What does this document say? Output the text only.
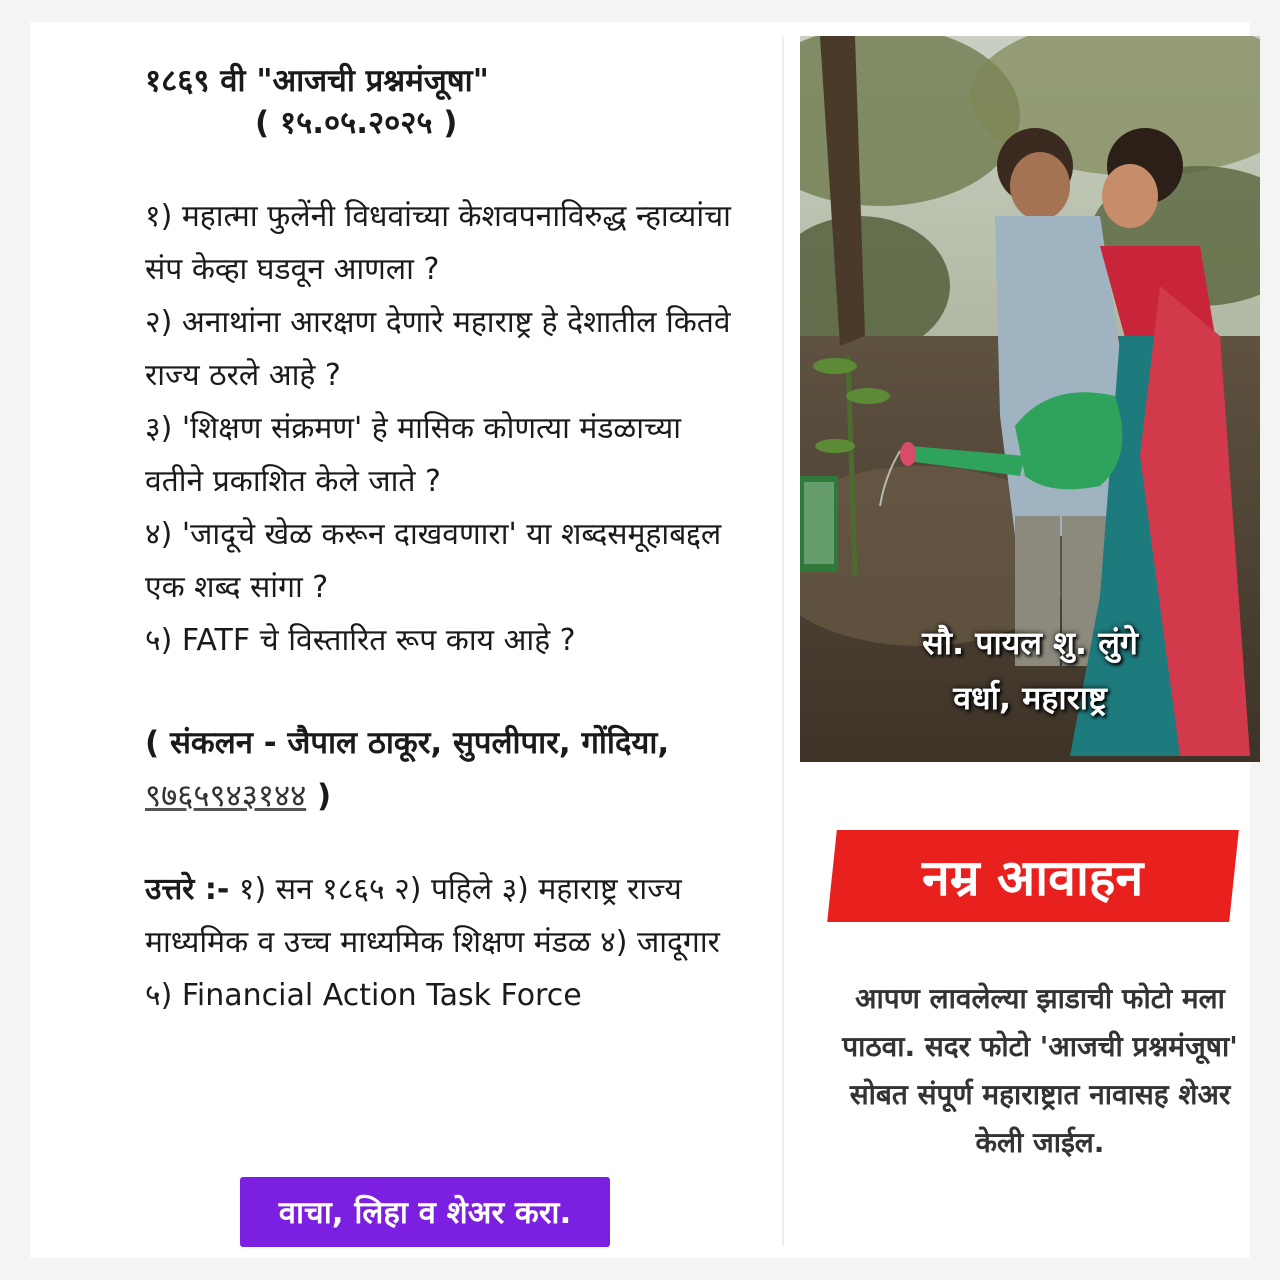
१८६९ वी "आजची प्रश्नमंजूषा"

( १५.०५.२०२५ )

१) महात्मा फुलेंनी विधवांच्या केशवपनाविरुद्ध न्हाव्यांचा संप केव्हा घडवून आणला ?

२) अनाथांना आरक्षण देणारे महाराष्ट्र हे देशातील कितवे राज्य ठरले आहे ?

३) 'शिक्षण संक्रमण' हे मासिक कोणत्या मंडळाच्या वतीने प्रकाशित केले जाते ?

४) 'जादूचे खेळ करून दाखवणारा' या शब्दसमूहाबद्दल एक शब्द सांगा ?

५) FATF चे विस्तारित रूप काय आहे ?

( संकलन - जैपाल ठाकूर, सुपलीपार, गोंदिया, ९७६५९४३१४४ )
उत्तरे :- १) सन १८६५ २) पहिले ३) महाराष्ट्र राज्य माध्यमिक व उच्च माध्यमिक शिक्षण मंडळ ४) जादूगार ५) Financial Action Task Force
वाचा, लिहा व शेअर करा.
सौ. पायल शु. लुंगे
वर्धा, महाराष्ट्र
नम्र आवाहन
आपण लावलेल्या झाडाची फोटो मला पाठवा. सदर फोटो 'आजची प्रश्नमंजूषा' सोबत संपूर्ण महाराष्ट्रात नावासह शेअर केली जाईल.
